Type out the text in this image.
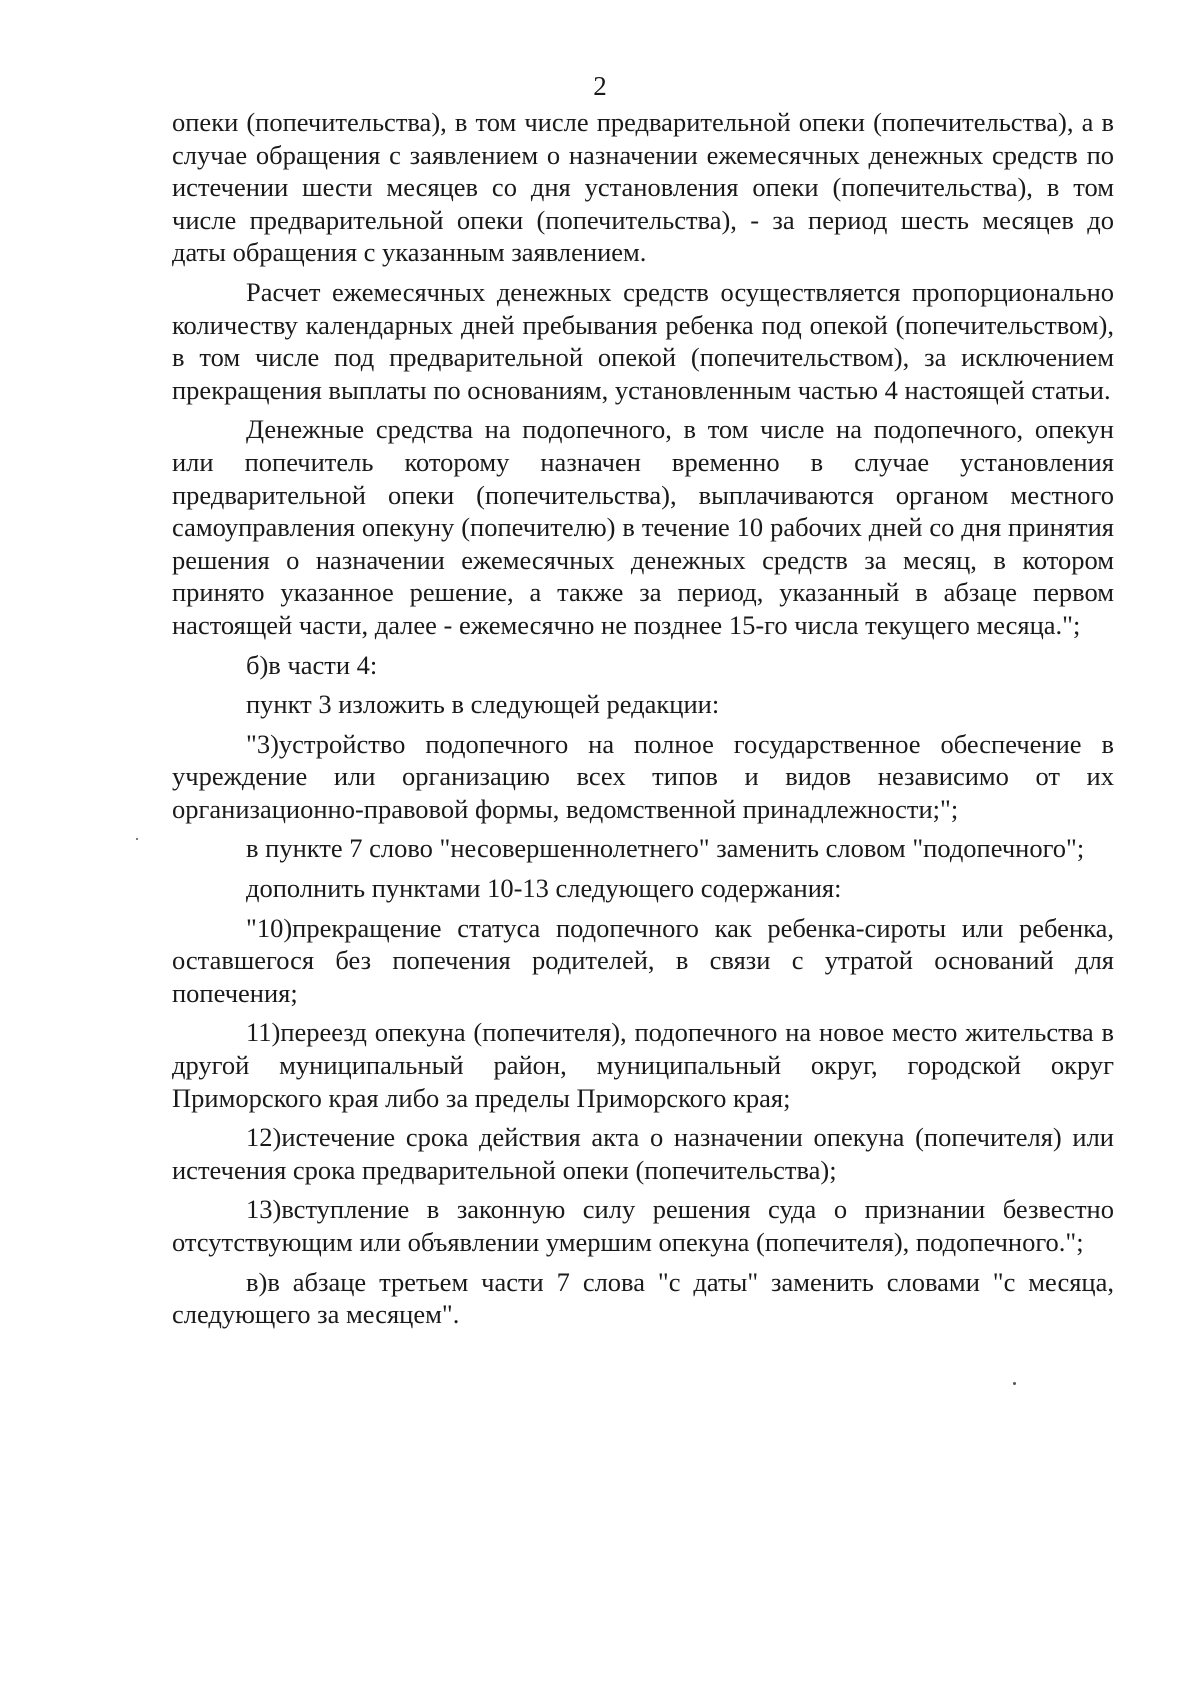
2

опеки (попечительства), в том числе предварительной опеки (попечительства), а в случае обращения с заявлением о назначении ежемесячных денежных средств по истечении шести месяцев со дня установления опеки (попечительства), в том числе предварительной опеки (попечительства), - за период шесть месяцев до даты обращения с указанным заявлением.

Расчет ежемесячных денежных средств осуществляется пропорционально количеству календарных дней пребывания ребенка под опекой (попечительством), в том числе под предварительной опекой (попечительством), за исключением прекращения выплаты по основаниям, установленным частью 4 настоящей статьи.

Денежные средства на подопечного, в том числе на подопечного, опекун или попечитель которому назначен временно в случае установления предварительной опеки (попечительства), выплачиваются органом местного самоуправления опекуну (попечителю) в течение 10 рабочих дней со дня принятия решения о назначении ежемесячных денежных средств за месяц, в котором принято указанное решение, а также за период, указанный в абзаце первом настоящей части, далее - ежемесячно не позднее 15-го числа текущего месяца.";

б)в части 4:

пункт 3 изложить в следующей редакции:

"3)устройство подопечного на полное государственное обеспечение в учреждение или организацию всех типов и видов независимо от их организационно-правовой формы, ведомственной принадлежности;";

в пункте 7 слово "несовершеннолетнего" заменить словом "подопечного";

дополнить пунктами 10-13 следующего содержания:

"10)прекращение статуса подопечного как ребенка-сироты или ребенка, оставшегося без попечения родителей, в связи с утратой оснований для попечения;

11)переезд опекуна (попечителя), подопечного на новое место жительства в другой муниципальный район, муниципальный округ, городской округ Приморского края либо за пределы Приморского края;

12)истечение срока действия акта о назначении опекуна (попечителя) или истечения срока предварительной опеки (попечительства);

13)вступление в законную силу решения суда о признании безвестно отсутствующим или объявлении умершим опекуна (попечителя), подопечного.";

в)в абзаце третьем части 7 слова "с даты" заменить словами "с месяца, следующего за месяцем".
